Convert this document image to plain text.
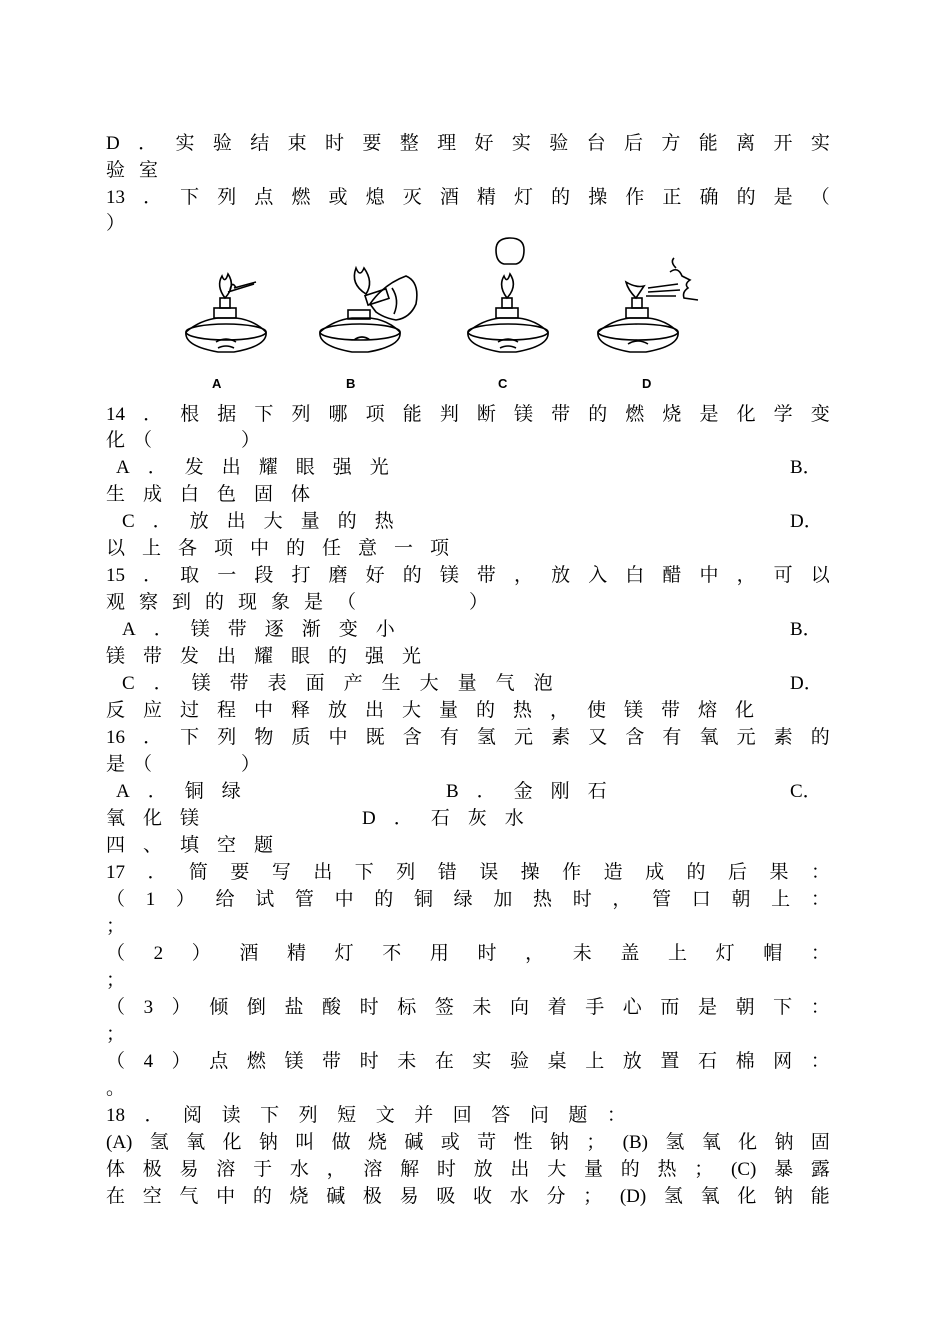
D ． 实 验 结 束 时 要 整 理 好 实 验 台 后 方 能 离 开 实
验室
13 ． 下 列 点 燃 或 熄 灭 酒 精 灯 的 操 作 正 确 的 是 （
）
A	B	C	D
14 ． 根 据 下 列 哪 项 能 判 断 镁 带 的 燃 烧 是 化 学 变
化（　　　）
A．发出耀眼强光	B．
生成白色固体
C．放出大量的热	D．
以上各项中的任意一项
15 ． 取 一 段 打 磨 好 的 镁 带 ， 放 入 白 醋 中 ， 可 以
观察到的现象是（　　　）
A．镁带逐渐变小	B．
镁带发出耀眼的强光
C．镁带表面产生大量气泡	D．
反应过程中释放出大量的热，使镁带熔化
16 ． 下 列 物 质 中 既 含 有 氢 元 素 又 含 有 氧 元 素 的
是（　　　）
A．铜绿	B．金刚石	C．
氧化镁	D．石灰水
四、填空题
17 ． 简 要 写 出 下 列 错 误 操 作 造 成 的 后 果 ：
（ 1 ） 给 试 管 中 的 铜 绿 加 热 时 ， 管 口 朝 上 ：
；
（ 2 ） 酒 精 灯 不 用 时 ， 未 盖 上 灯 帽 ：
；
（ 3 ） 倾 倒 盐 酸 时 标 签 未 向 着 手 心 而 是 朝 下 ：
；
（ 4 ） 点 燃 镁 带 时 未 在 实 验 桌 上 放 置 石 棉 网 ：
。
18 ． 阅 读 下 列 短 文 并 回 答 问 题 ：
(A) 氢 氧 化 钠 叫 做 烧 碱 或 苛 性 钠 ； (B) 氢 氧 化 钠 固
体 极 易 溶 于 水 ， 溶 解 时 放 出 大 量 的 热 ； (C) 暴 露
在 空 气 中 的 烧 碱 极 易 吸 收 水 分 ； (D) 氢 氧 化 钠 能
